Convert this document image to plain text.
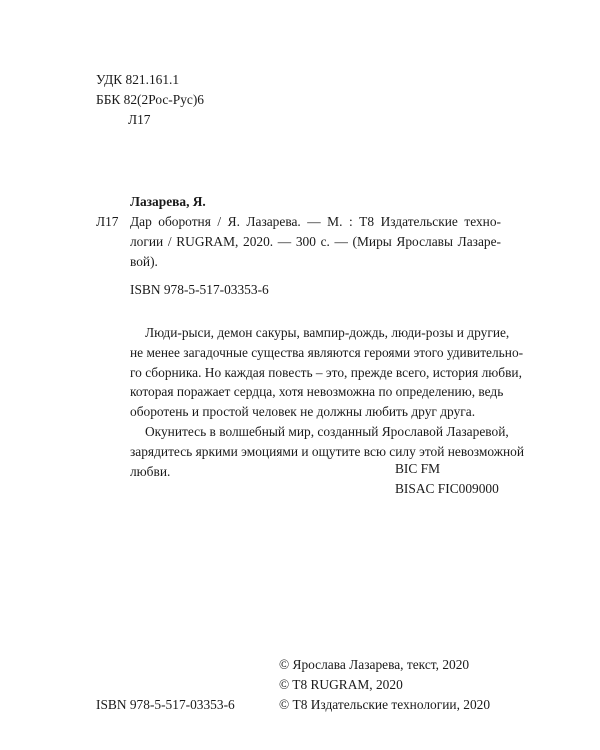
УДК 821.161.1
ББК 82(2Рос-Рус)6
Л17
Лазарева, Я.
Л17 Дар оборотня / Я. Лазарева. — М. : Т8 Издательские техно-
логии / RUGRAM, 2020. — 300 с. — (Миры Ярославы Лазаре-
вой).
ISBN 978-5-517-03353-6
Люди-рыси, демон сакуры, вампир-дождь, люди-розы и другие,
не менее загадочные существа являются героями этого удивительно-
го сборника. Но каждая повесть – это, прежде всего, история любви,
которая поражает сердца, хотя невозможна по определению, ведь
оборотень и простой человек не должны любить друг друга.
Окунитесь в волшебный мир, созданный Ярославой Лазаревой,
зарядитесь яркими эмоциями и ощутите всю силу этой невозможной
любви.	BIC FM
BISAC FIC009000
ISBN 978-5-517-03353-6
© Ярослава Лазарева, текст, 2020
© T8 RUGRAM, 2020
© Т8 Издательские технологии, 2020
